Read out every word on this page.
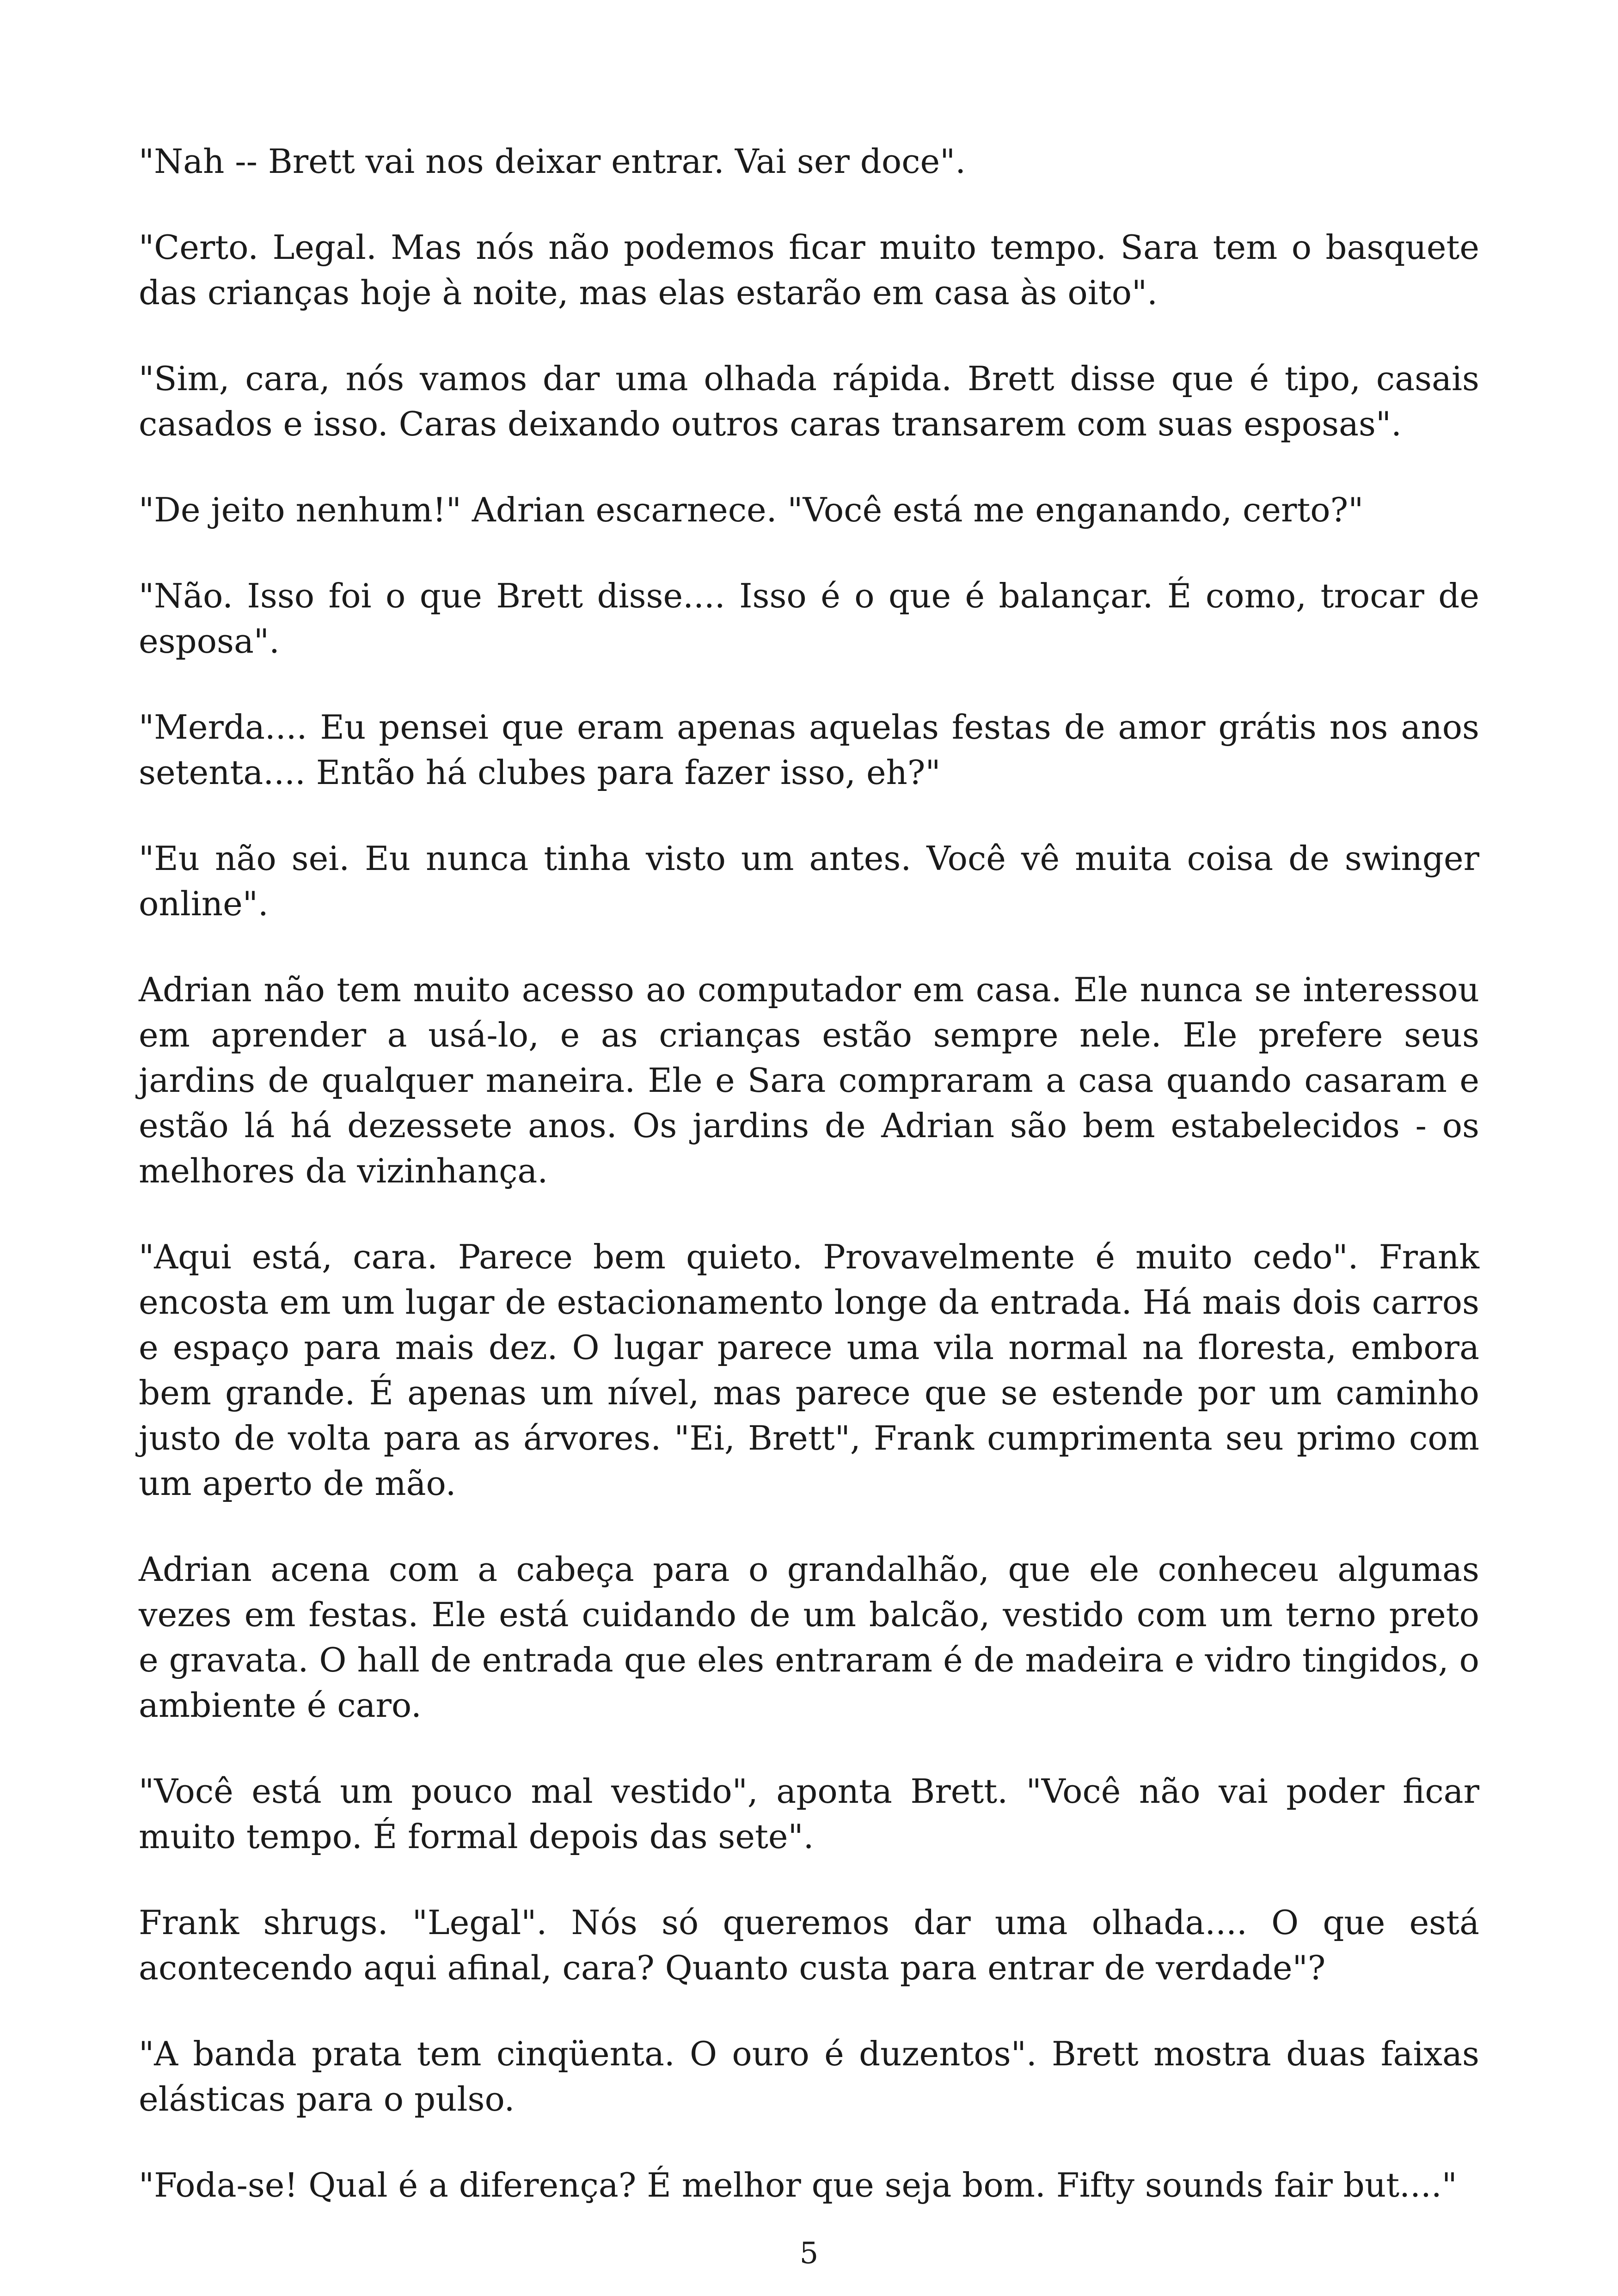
"Nah -- Brett vai nos deixar entrar. Vai ser doce".

"Certo. Legal. Mas nós não podemos ficar muito tempo. Sara tem o basquete das crianças hoje à noite, mas elas estarão em casa às oito".

"Sim, cara, nós vamos dar uma olhada rápida. Brett disse que é tipo, casais casados e isso. Caras deixando outros caras transarem com suas esposas".

"De jeito nenhum!" Adrian escarnece. "Você está me enganando, certo?"

"Não. Isso foi o que Brett disse.... Isso é o que é balançar. É como, trocar de esposa".

"Merda.... Eu pensei que eram apenas aquelas festas de amor grátis nos anos setenta.... Então há clubes para fazer isso, eh?"

"Eu não sei. Eu nunca tinha visto um antes. Você vê muita coisa de swinger online".

Adrian não tem muito acesso ao computador em casa. Ele nunca se interessou em aprender a usá-lo, e as crianças estão sempre nele. Ele prefere seus jardins de qualquer maneira. Ele e Sara compraram a casa quando casaram e estão lá há dezessete anos. Os jardins de Adrian são bem estabelecidos - os melhores da vizinhança.

"Aqui está, cara. Parece bem quieto. Provavelmente é muito cedo". Frank encosta em um lugar de estacionamento longe da entrada. Há mais dois carros e espaço para mais dez. O lugar parece uma vila normal na floresta, embora bem grande. É apenas um nível, mas parece que se estende por um caminho justo de volta para as árvores. "Ei, Brett", Frank cumprimenta seu primo com um aperto de mão.

Adrian acena com a cabeça para o grandalhão, que ele conheceu algumas vezes em festas. Ele está cuidando de um balcão, vestido com um terno preto e gravata. O hall de entrada que eles entraram é de madeira e vidro tingidos, o ambiente é caro.

"Você está um pouco mal vestido", aponta Brett. "Você não vai poder ficar muito tempo. É formal depois das sete".

Frank shrugs. "Legal". Nós só queremos dar uma olhada.... O que está acontecendo aqui afinal, cara? Quanto custa para entrar de verdade"?

"A banda prata tem cinqüenta. O ouro é duzentos". Brett mostra duas faixas elásticas para o pulso.

"Foda-se! Qual é a diferença? É melhor que seja bom. Fifty sounds fair but...."

5
